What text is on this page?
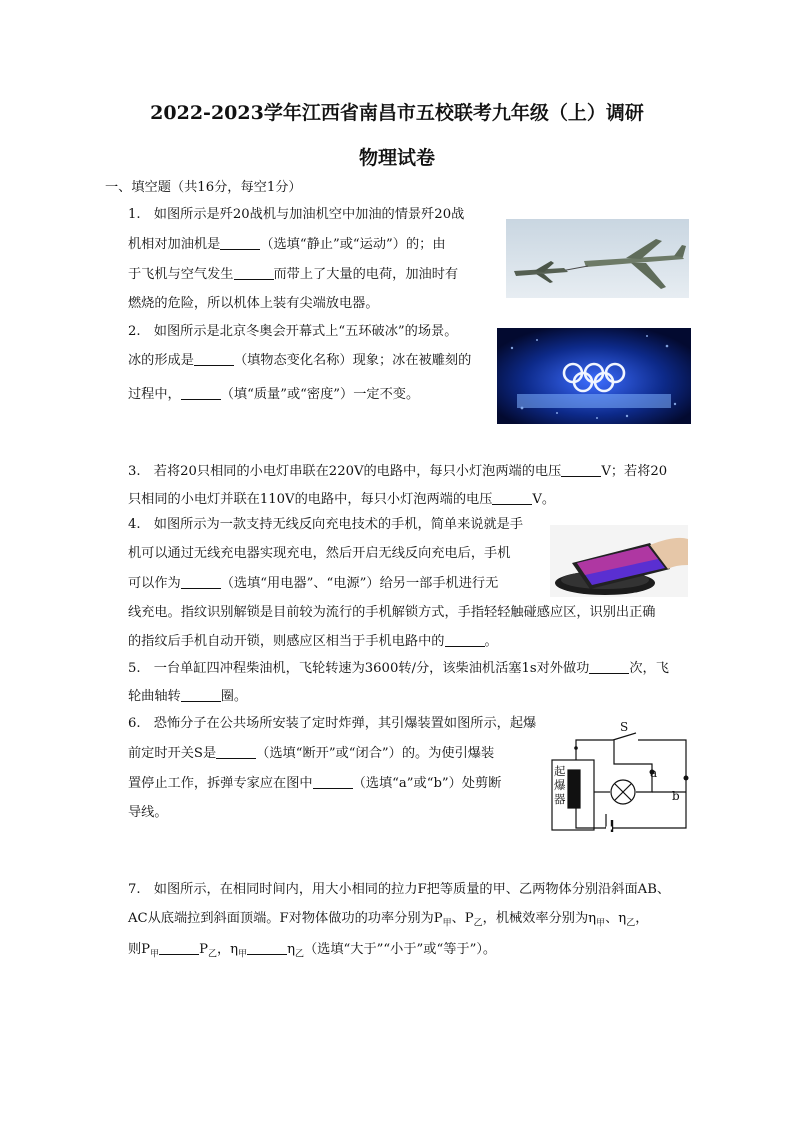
2022-2023学年江西省南昌市五校联考九年级（上）调研
物理试卷
一、填空题（共16分，每空1分）
1.　如图所示是歼20战机与加油机空中加油的情景歼20战
机相对加油机是	（选填“静止”或“运动”）的；由
于飞机与空气发生	而带上了大量的电荷，加油时有
燃烧的危险，所以机体上装有尖端放电器。
2.　如图所示是北京冬奥会开幕式上“五环破冰”的场景。
冰的形成是	（填物态变化名称）现象；冰在被雕刻的
过程中，	（填“质量”或“密度”）一定不变。
3.　若将20只相同的小电灯串联在220V的电路中，每只小灯泡两端的电压	V；若将20
只相同的小电灯并联在110V的电路中，每只小灯泡两端的电压	V。
4.　如图所示为一款支持无线反向充电技术的手机，简单来说就是手
机可以通过无线充电器实现充电，然后开启无线反向充电后，手机
可以作为	（选填“用电器”、“电源”）给另一部手机进行无
线充电。指纹识别解锁是目前较为流行的手机解锁方式，手指轻轻触碰感应区，识别出正确
的指纹后手机自动开锁，则感应区相当于手机电路中的	。
5.　一台单缸四冲程柴油机，飞轮转速为3600转/分，该柴油机活塞1s对外做功	次，飞
轮曲轴转	圈。
6.　恐怖分子在公共场所安装了定时炸弹，其引爆装置如图所示，起爆
前定时开关S是	（选填“断开”或“闭合”）的。为使引爆装
置停止工作，拆弹专家应在图中	（选填“a”或“b”）处剪断
导线。
S
a
b
起爆器
7.　如图所示，在相同时间内，用大小相同的拉力F把等质量的甲、乙两物体分别沿斜面AB、
AC从底端拉到斜面顶端。F对物体做功的功率分别为$P_甲$、$P_乙$，机械效率分别为$\eta_甲$、$\eta_乙$，
则$P_甲$	$P_乙$，$\eta_甲$	$\eta_乙$（选填“大于”“小于”或“等于”）。
